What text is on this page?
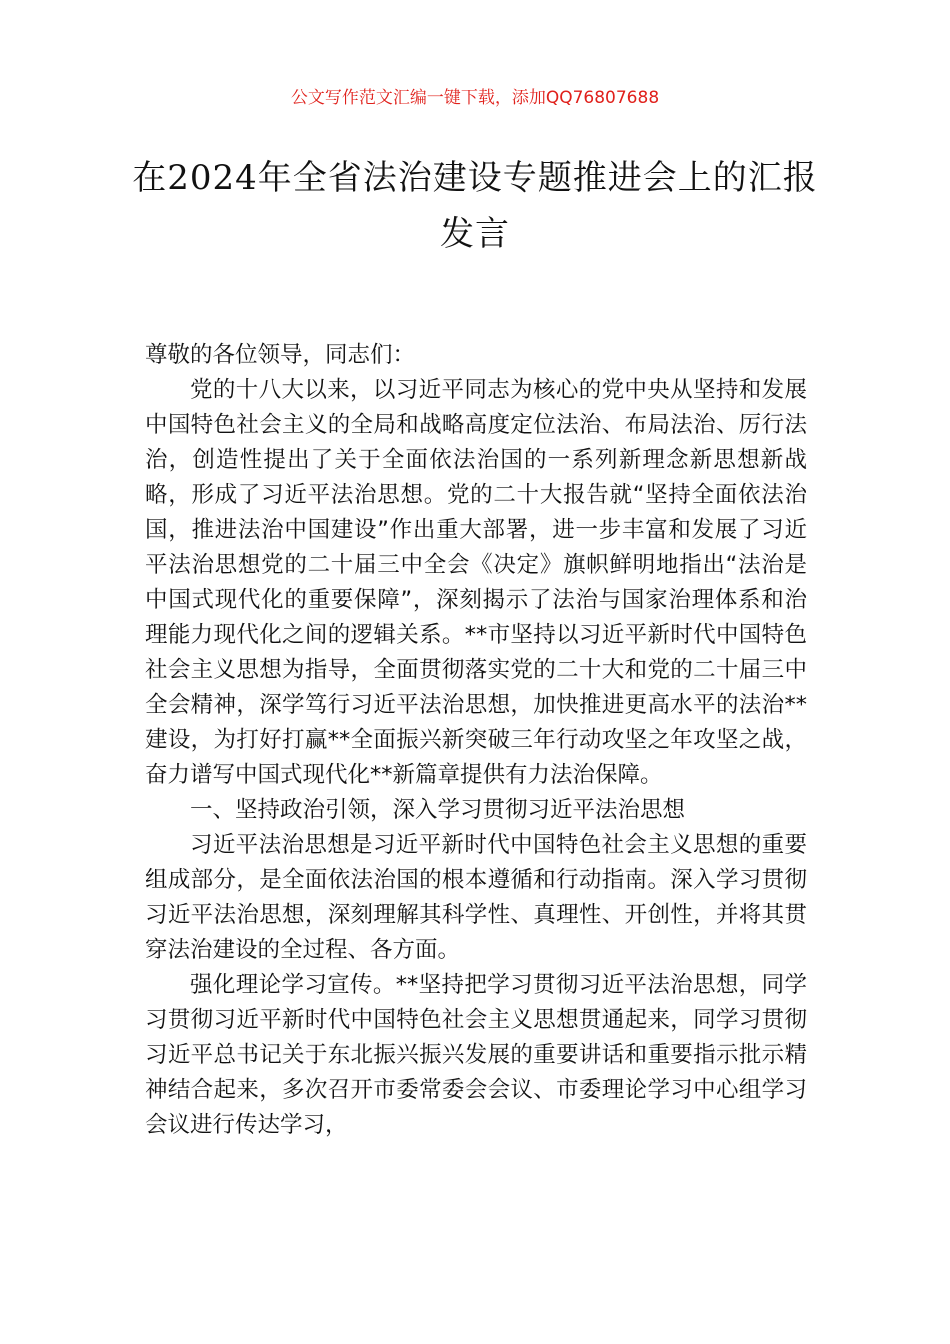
公文写作范文汇编一键下载，添加QQ76807688
在2024年全省法治建设专题推进会上的汇报发言

尊敬的各位领导，同志们：

党的十八大以来，以习近平同志为核心的党中央从坚持和发展中国特色社会主义的全局和战略高度定位法治、布局法治、厉行法治，创造性提出了关于全面依法治国的一系列新理念新思想新战略，形成了习近平法治思想。党的二十大报告就“坚持全面依法治国，推进法治中国建设”作出重大部署，进一步丰富和发展了习近平法治思想党的二十届三中全会《决定》旗帜鲜明地指出“法治是中国式现代化的重要保障”，深刻揭示了法治与国家治理体系和治理能力现代化之间的逻辑关系。**市坚持以习近平新时代中国特色社会主义思想为指导，全面贯彻落实党的二十大和党的二十届三中全会精神，深学笃行习近平法治思想，加快推进更高水平的法治**建设，为打好打赢**全面振兴新突破三年行动攻坚之年攻坚之战，奋力谱写中国式现代化**新篇章提供有力法治保障。

一、坚持政治引领，深入学习贯彻习近平法治思想

习近平法治思想是习近平新时代中国特色社会主义思想的重要组成部分，是全面依法治国的根本遵循和行动指南。深入学习贯彻习近平法治思想，深刻理解其科学性、真理性、开创性，并将其贯穿法治建设的全过程、各方面。

强化理论学习宣传。**坚持把学习贯彻习近平法治思想，同学习贯彻习近平新时代中国特色社会主义思想贯通起来，同学习贯彻习近平总书记关于东北振兴振兴发展的重要讲话和重要指示批示精神结合起来，多次召开市委常委会会议、市委理论学习中心组学习会议进行传达学习，
